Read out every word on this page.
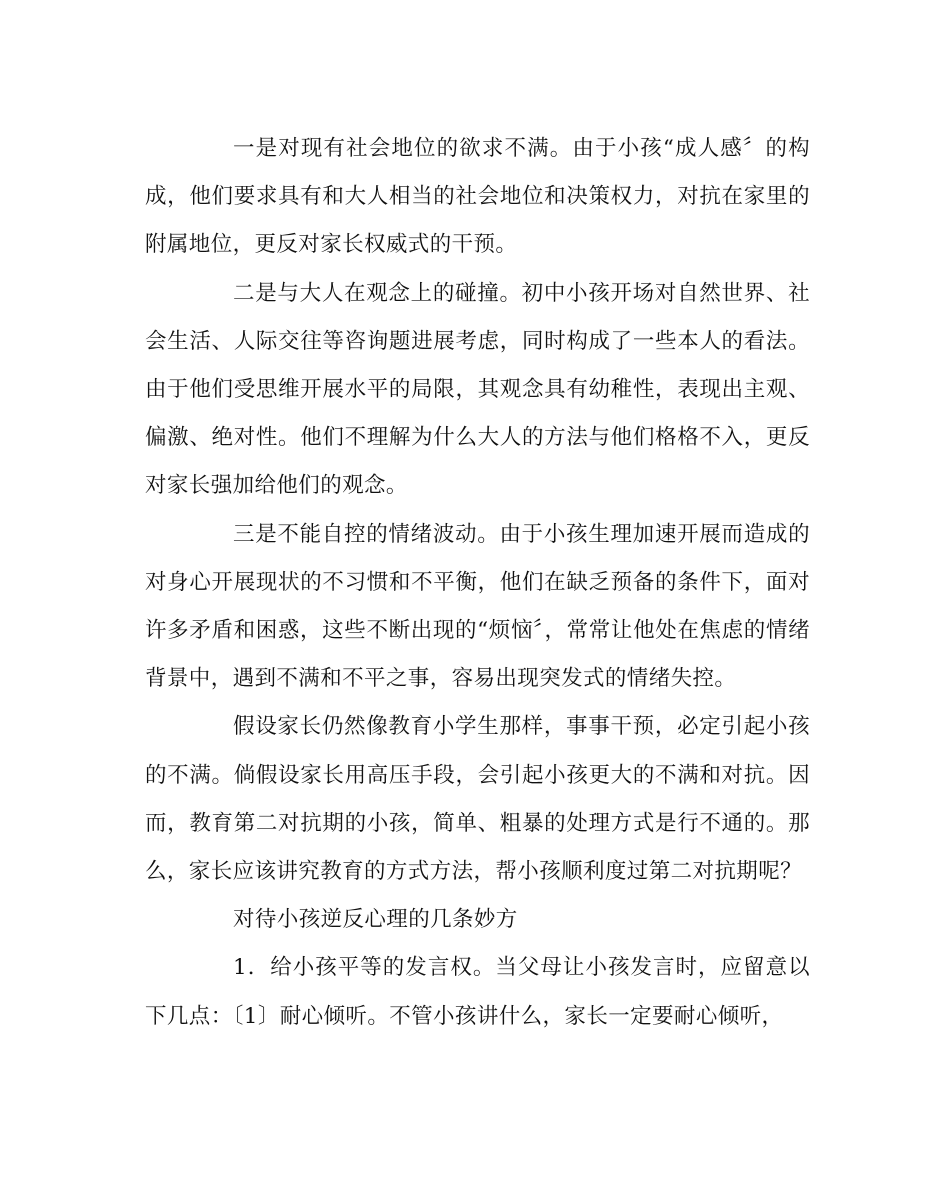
一是对现有社会地位的欲求不满。由于小孩“成人感〞的构成，他们要求具有和大人相当的社会地位和决策权力，对抗在家里的附属地位，更反对家长权威式的干预。

二是与大人在观念上的碰撞。初中小孩开场对自然世界、社会生活、人际交往等咨询题进展考虑，同时构成了一些本人的看法。由于他们受思维开展水平的局限，其观念具有幼稚性，表现出主观、偏激、绝对性。他们不理解为什么大人的方法与他们格格不入，更反对家长强加给他们的观念。

三是不能自控的情绪波动。由于小孩生理加速开展而造成的对身心开展现状的不习惯和不平衡，他们在缺乏预备的条件下，面对许多矛盾和困惑，这些不断出现的“烦恼〞，常常让他处在焦虑的情绪背景中，遇到不满和不平之事，容易出现突发式的情绪失控。

假设家长仍然像教育小学生那样，事事干预，必定引起小孩的不满。倘假设家长用高压手段，会引起小孩更大的不满和对抗。因而，教育第二对抗期的小孩，简单、粗暴的处理方式是行不通的。那么，家长应该讲究教育的方式方法，帮小孩顺利度过第二对抗期呢？

对待小孩逆反心理的几条妙方

1．给小孩平等的发言权。当父母让小孩发言时，应留意以下几点：〔1〕耐心倾听。不管小孩讲什么，家长一定要耐心倾听，
